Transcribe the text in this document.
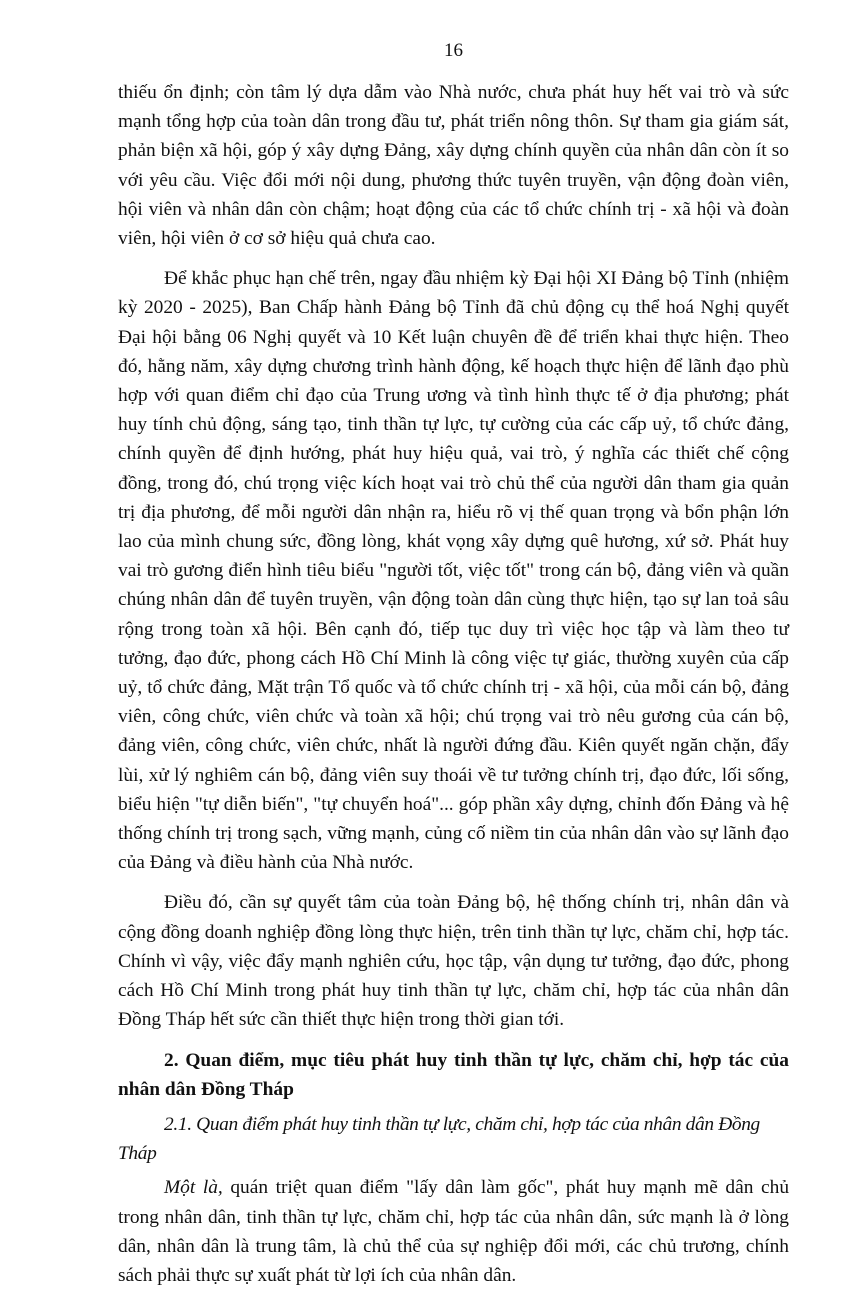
16

thiếu ổn định; còn tâm lý dựa dẫm vào Nhà nước, chưa phát huy hết vai trò và sức mạnh tổng hợp của toàn dân trong đầu tư, phát triển nông thôn. Sự tham gia giám sát, phản biện xã hội, góp ý xây dựng Đảng, xây dựng chính quyền của nhân dân còn ít so với yêu cầu. Việc đổi mới nội dung, phương thức tuyên truyền, vận động đoàn viên, hội viên và nhân dân còn chậm; hoạt động của các tổ chức chính trị - xã hội và đoàn viên, hội viên ở cơ sở hiệu quả chưa cao.

Để khắc phục hạn chế trên, ngay đầu nhiệm kỳ Đại hội XI Đảng bộ Tỉnh (nhiệm kỳ 2020 - 2025), Ban Chấp hành Đảng bộ Tỉnh đã chủ động cụ thể hoá Nghị quyết Đại hội bằng 06 Nghị quyết và 10 Kết luận chuyên đề để triển khai thực hiện. Theo đó, hằng năm, xây dựng chương trình hành động, kế hoạch thực hiện để lãnh đạo phù hợp với quan điểm chỉ đạo của Trung ương và tình hình thực tế ở địa phương; phát huy tính chủ động, sáng tạo, tinh thần tự lực, tự cường của các cấp uỷ, tổ chức đảng, chính quyền để định hướng, phát huy hiệu quả, vai trò, ý nghĩa các thiết chế cộng đồng, trong đó, chú trọng việc kích hoạt vai trò chủ thể của người dân tham gia quản trị địa phương, để mỗi người dân nhận ra, hiểu rõ vị thế quan trọng và bổn phận lớn lao của mình chung sức, đồng lòng, khát vọng xây dựng quê hương, xứ sở. Phát huy vai trò gương điển hình tiêu biểu "người tốt, việc tốt" trong cán bộ, đảng viên và quần chúng nhân dân để tuyên truyền, vận động toàn dân cùng thực hiện, tạo sự lan toả sâu rộng trong toàn xã hội. Bên cạnh đó, tiếp tục duy trì việc học tập và làm theo tư tưởng, đạo đức, phong cách Hồ Chí Minh là công việc tự giác, thường xuyên của cấp uỷ, tổ chức đảng, Mặt trận Tổ quốc và tổ chức chính trị - xã hội, của mỗi cán bộ, đảng viên, công chức, viên chức và toàn xã hội; chú trọng vai trò nêu gương của cán bộ, đảng viên, công chức, viên chức, nhất là người đứng đầu. Kiên quyết ngăn chặn, đẩy lùi, xử lý nghiêm cán bộ, đảng viên suy thoái về tư tưởng chính trị, đạo đức, lối sống, biểu hiện "tự diễn biến", "tự chuyển hoá"... góp phần xây dựng, chỉnh đốn Đảng và hệ thống chính trị trong sạch, vững mạnh, củng cố niềm tin của nhân dân vào sự lãnh đạo của Đảng và điều hành của Nhà nước.

Điều đó, cần sự quyết tâm của toàn Đảng bộ, hệ thống chính trị, nhân dân và cộng đồng doanh nghiệp đồng lòng thực hiện, trên tinh thần tự lực, chăm chỉ, hợp tác. Chính vì vậy, việc đẩy mạnh nghiên cứu, học tập, vận dụng tư tưởng, đạo đức, phong cách Hồ Chí Minh trong phát huy tinh thần tự lực, chăm chỉ, hợp tác của nhân dân Đồng Tháp hết sức cần thiết thực hiện trong thời gian tới.

2. Quan điểm, mục tiêu phát huy tinh thần tự lực, chăm chỉ, hợp tác của nhân dân Đồng Tháp
2.1. Quan điểm phát huy tinh thần tự lực, chăm chỉ, hợp tác của nhân dân Đồng Tháp

Một là, quán triệt quan điểm "lấy dân làm gốc", phát huy mạnh mẽ dân chủ trong nhân dân, tinh thần tự lực, chăm chỉ, hợp tác của nhân dân, sức mạnh là ở lòng dân, nhân dân là trung tâm, là chủ thể của sự nghiệp đổi mới, các chủ trương, chính sách phải thực sự xuất phát từ lợi ích của nhân dân.
